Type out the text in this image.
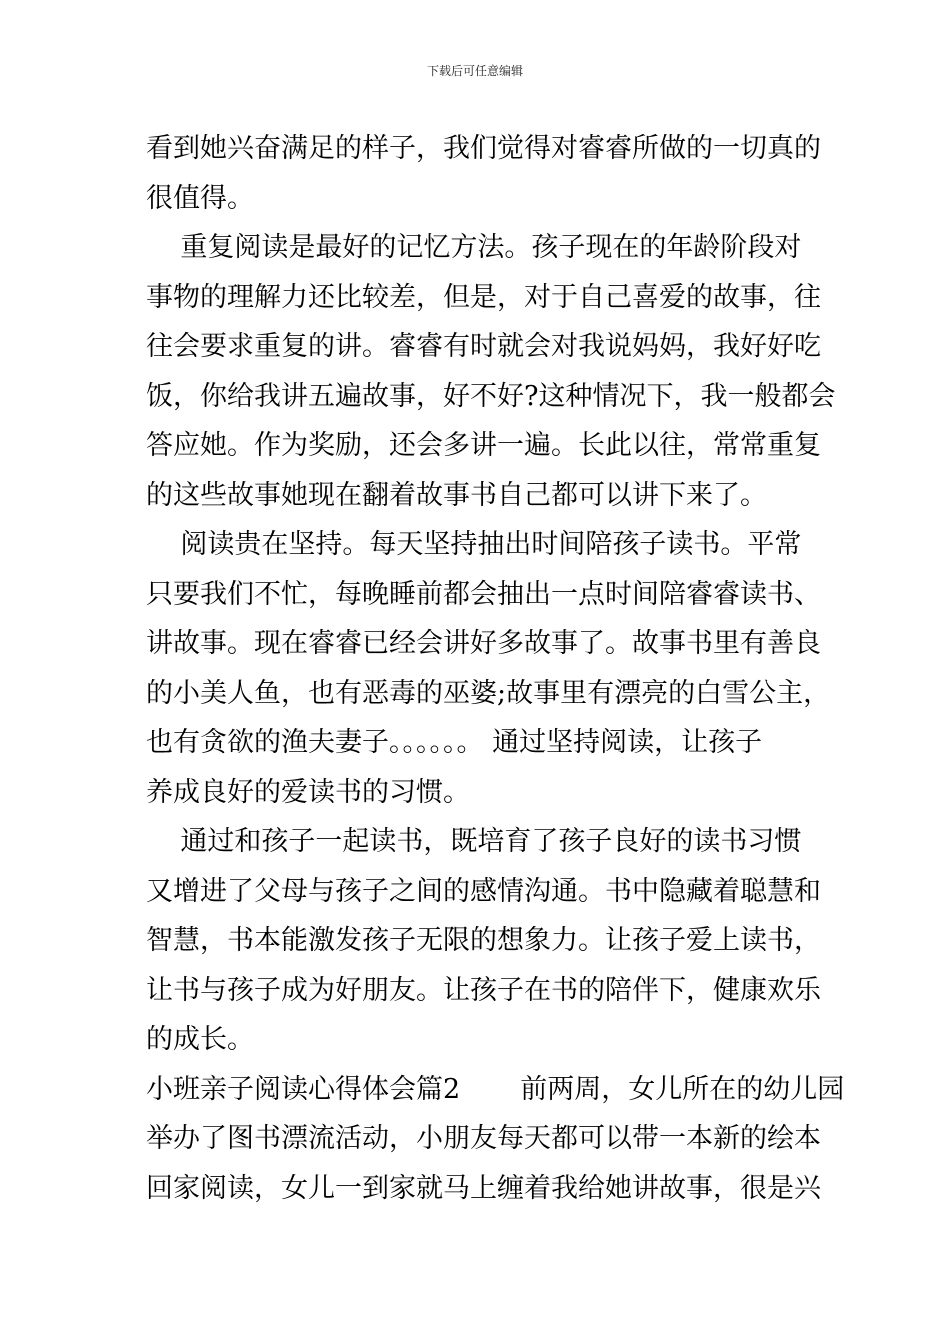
下载后可任意编辑
看到她兴奋满足的样子，我们觉得对睿睿所做的一切真的
很值得。
重复阅读是最好的记忆方法。孩子现在的年龄阶段对
事物的理解力还比较差，但是，对于自己喜爱的故事，往
往会要求重复的讲。睿睿有时就会对我说妈妈，我好好吃
饭，你给我讲五遍故事，好不好?这种情况下，我一般都会
答应她。作为奖励，还会多讲一遍。长此以往，常常重复
的这些故事她现在翻着故事书自己都可以讲下来了。
阅读贵在坚持。每天坚持抽出时间陪孩子读书。平常
只要我们不忙，每晚睡前都会抽出一点时间陪睿睿读书、
讲故事。现在睿睿已经会讲好多故事了。故事书里有善良
的小美人鱼，也有恶毒的巫婆;故事里有漂亮的白雪公主，
也有贪欲的渔夫妻子。。。。。。 通过坚持阅读，让孩子
养成良好的爱读书的习惯。
通过和孩子一起读书，既培育了孩子良好的读书习惯
又增进了父母与孩子之间的感情沟通。书中隐藏着聪慧和
智慧，书本能激发孩子无限的想象力。让孩子爱上读书，
让书与孩子成为好朋友。让孩子在书的陪伴下，健康欢乐
的成长。
小班亲子阅读心得体会篇2       前两周，女儿所在的幼儿园
举办了图书漂流活动，小朋友每天都可以带一本新的绘本
回家阅读，女儿一到家就马上缠着我给她讲故事，很是兴
